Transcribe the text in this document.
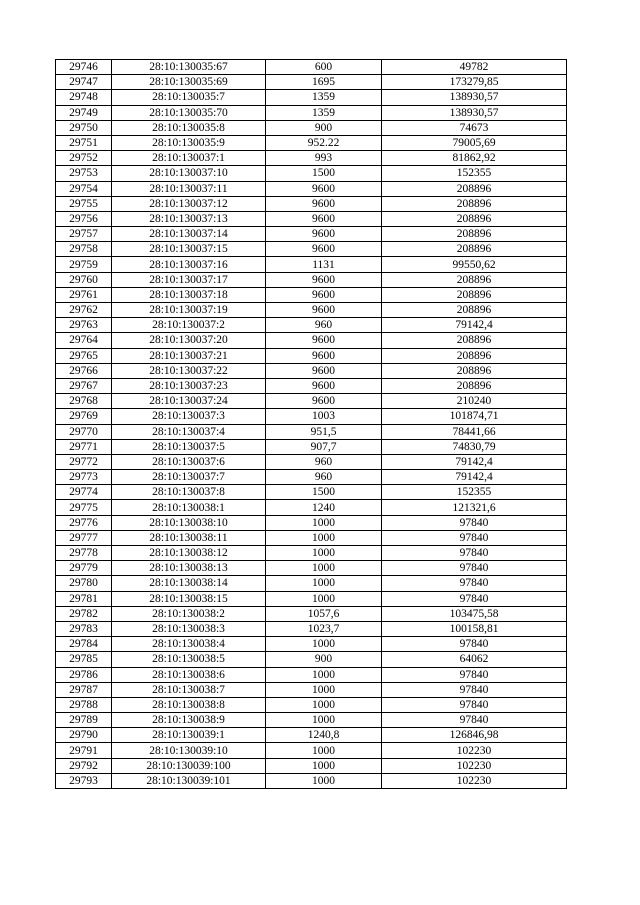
29746	28:10:130035:67	600	49782
29747	28:10:130035:69	1695	173279,85
29748	28:10:130035:7	1359	138930,57
29749	28:10:130035:70	1359	138930,57
29750	28:10:130035:8	900	74673
29751	28:10:130035:9	952.22	79005,69
29752	28:10:130037:1	993	81862,92
29753	28:10:130037:10	1500	152355
29754	28:10:130037:11	9600	208896
29755	28:10:130037:12	9600	208896
29756	28:10:130037:13	9600	208896
29757	28:10:130037:14	9600	208896
29758	28:10:130037:15	9600	208896
29759	28:10:130037:16	1131	99550,62
29760	28:10:130037:17	9600	208896
29761	28:10:130037:18	9600	208896
29762	28:10:130037:19	9600	208896
29763	28:10:130037:2	960	79142,4
29764	28:10:130037:20	9600	208896
29765	28:10:130037:21	9600	208896
29766	28:10:130037:22	9600	208896
29767	28:10:130037:23	9600	208896
29768	28:10:130037:24	9600	210240
29769	28:10:130037:3	1003	101874,71
29770	28:10:130037:4	951,5	78441,66
29771	28:10:130037:5	907,7	74830,79
29772	28:10:130037:6	960	79142,4
29773	28:10:130037:7	960	79142,4
29774	28:10:130037:8	1500	152355
29775	28:10:130038:1	1240	121321,6
29776	28:10:130038:10	1000	97840
29777	28:10:130038:11	1000	97840
29778	28:10:130038:12	1000	97840
29779	28:10:130038:13	1000	97840
29780	28:10:130038:14	1000	97840
29781	28:10:130038:15	1000	97840
29782	28:10:130038:2	1057,6	103475,58
29783	28:10:130038:3	1023,7	100158,81
29784	28:10:130038:4	1000	97840
29785	28:10:130038:5	900	64062
29786	28:10:130038:6	1000	97840
29787	28:10:130038:7	1000	97840
29788	28:10:130038:8	1000	97840
29789	28:10:130038:9	1000	97840
29790	28:10:130039:1	1240,8	126846,98
29791	28:10:130039:10	1000	102230
29792	28:10:130039:100	1000	102230
29793	28:10:130039:101	1000	102230
